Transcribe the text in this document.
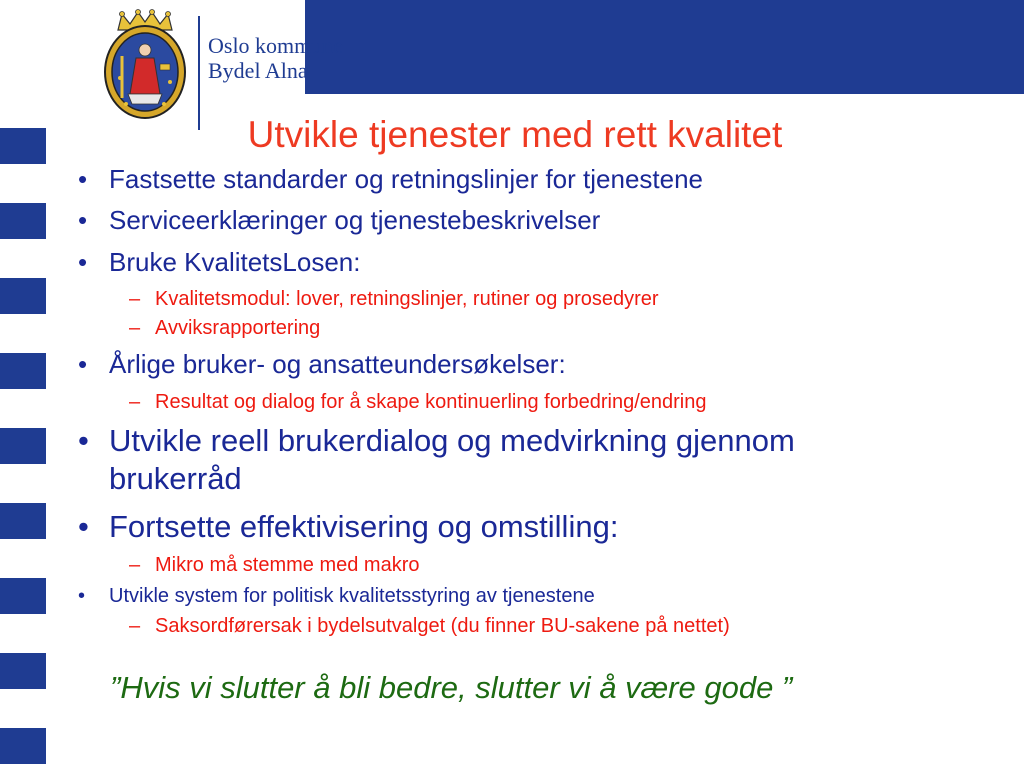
Oslo kommune
Bydel Alna
Utvikle tjenester med rett kvalitet
• Fastsette standarder og retningslinjer for tjenestene
• Serviceerklæringer og tjenestebeskrivelser
• Bruke KvalitetsLosen:
– Kvalitetsmodul: lover, retningslinjer, rutiner og prosedyrer
– Avviksrapportering
• Årlige bruker- og ansatteundersøkelser:
– Resultat og dialog for å skape kontinuerling forbedring/endring
• Utvikle reell brukerdialog og medvirkning gjennom
brukerråd
• Fortsette effektivisering og omstilling:
– Mikro må stemme med makro
• Utvikle system for politisk kvalitetsstyring av tjenestene
– Saksordførersak i bydelsutvalget (du finner BU-sakene på nettet)
”Hvis vi slutter å bli bedre, slutter vi å være gode ”
